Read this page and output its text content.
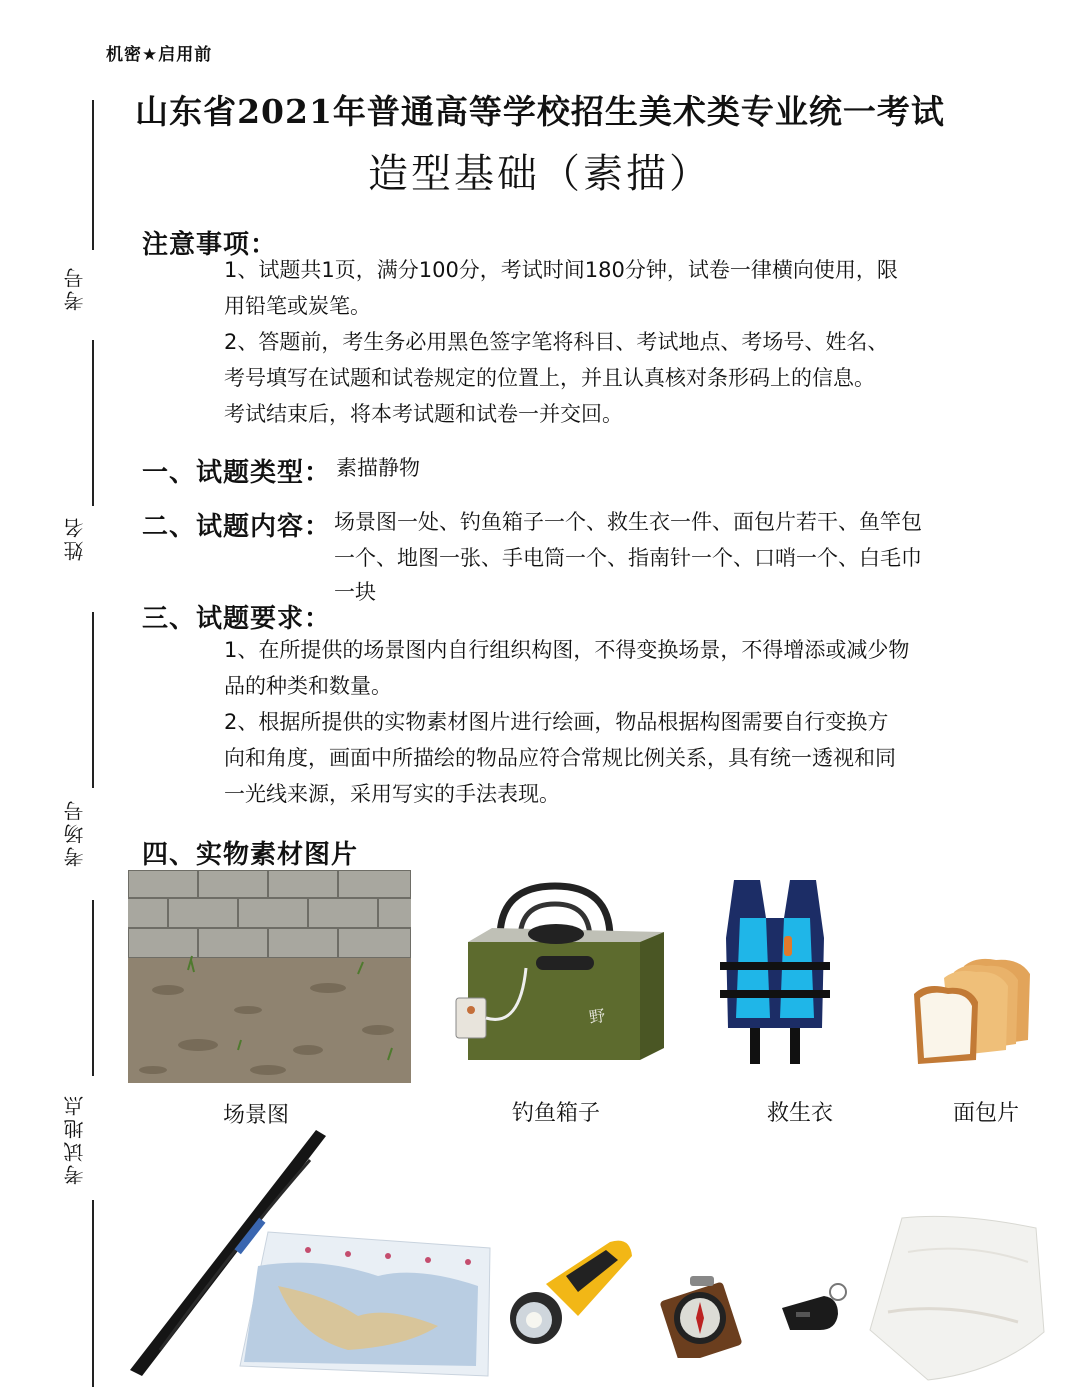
机密★启用前
山东省2021年普通高等学校招生美术类专业统一考试
造型基础（素描）
考号
姓名
考场号
考试地点
注意事项：
1、试题共1页，满分100分，考试时间180分钟，试卷一律横向使用，限
用铅笔或炭笔。
2、答题前，考生务必用黑色签字笔将科目、考试地点、考场号、姓名、
考号填写在试题和试卷规定的位置上，并且认真核对条形码上的信息。
考试结束后，将本考试题和试卷一并交回。
一、试题类型： 素描静物
二、试题内容： 场景图一处、钓鱼箱子一个、救生衣一件、面包片若干、鱼竿包
一个、地图一张、手电筒一个、指南针一个、口哨一个、白毛巾
一块
三、试题要求：
1、在所提供的场景图内自行组织构图，不得变换场景，不得增添或减少物
品的种类和数量。
2、根据所提供的实物素材图片进行绘画，物品根据构图需要自行变换方
向和角度，画面中所描绘的物品应符合常规比例关系，具有统一透视和同
一光线来源，采用写实的手法表现。
四、实物素材图片
场景图
野
钓鱼箱子	救生衣	面包片
